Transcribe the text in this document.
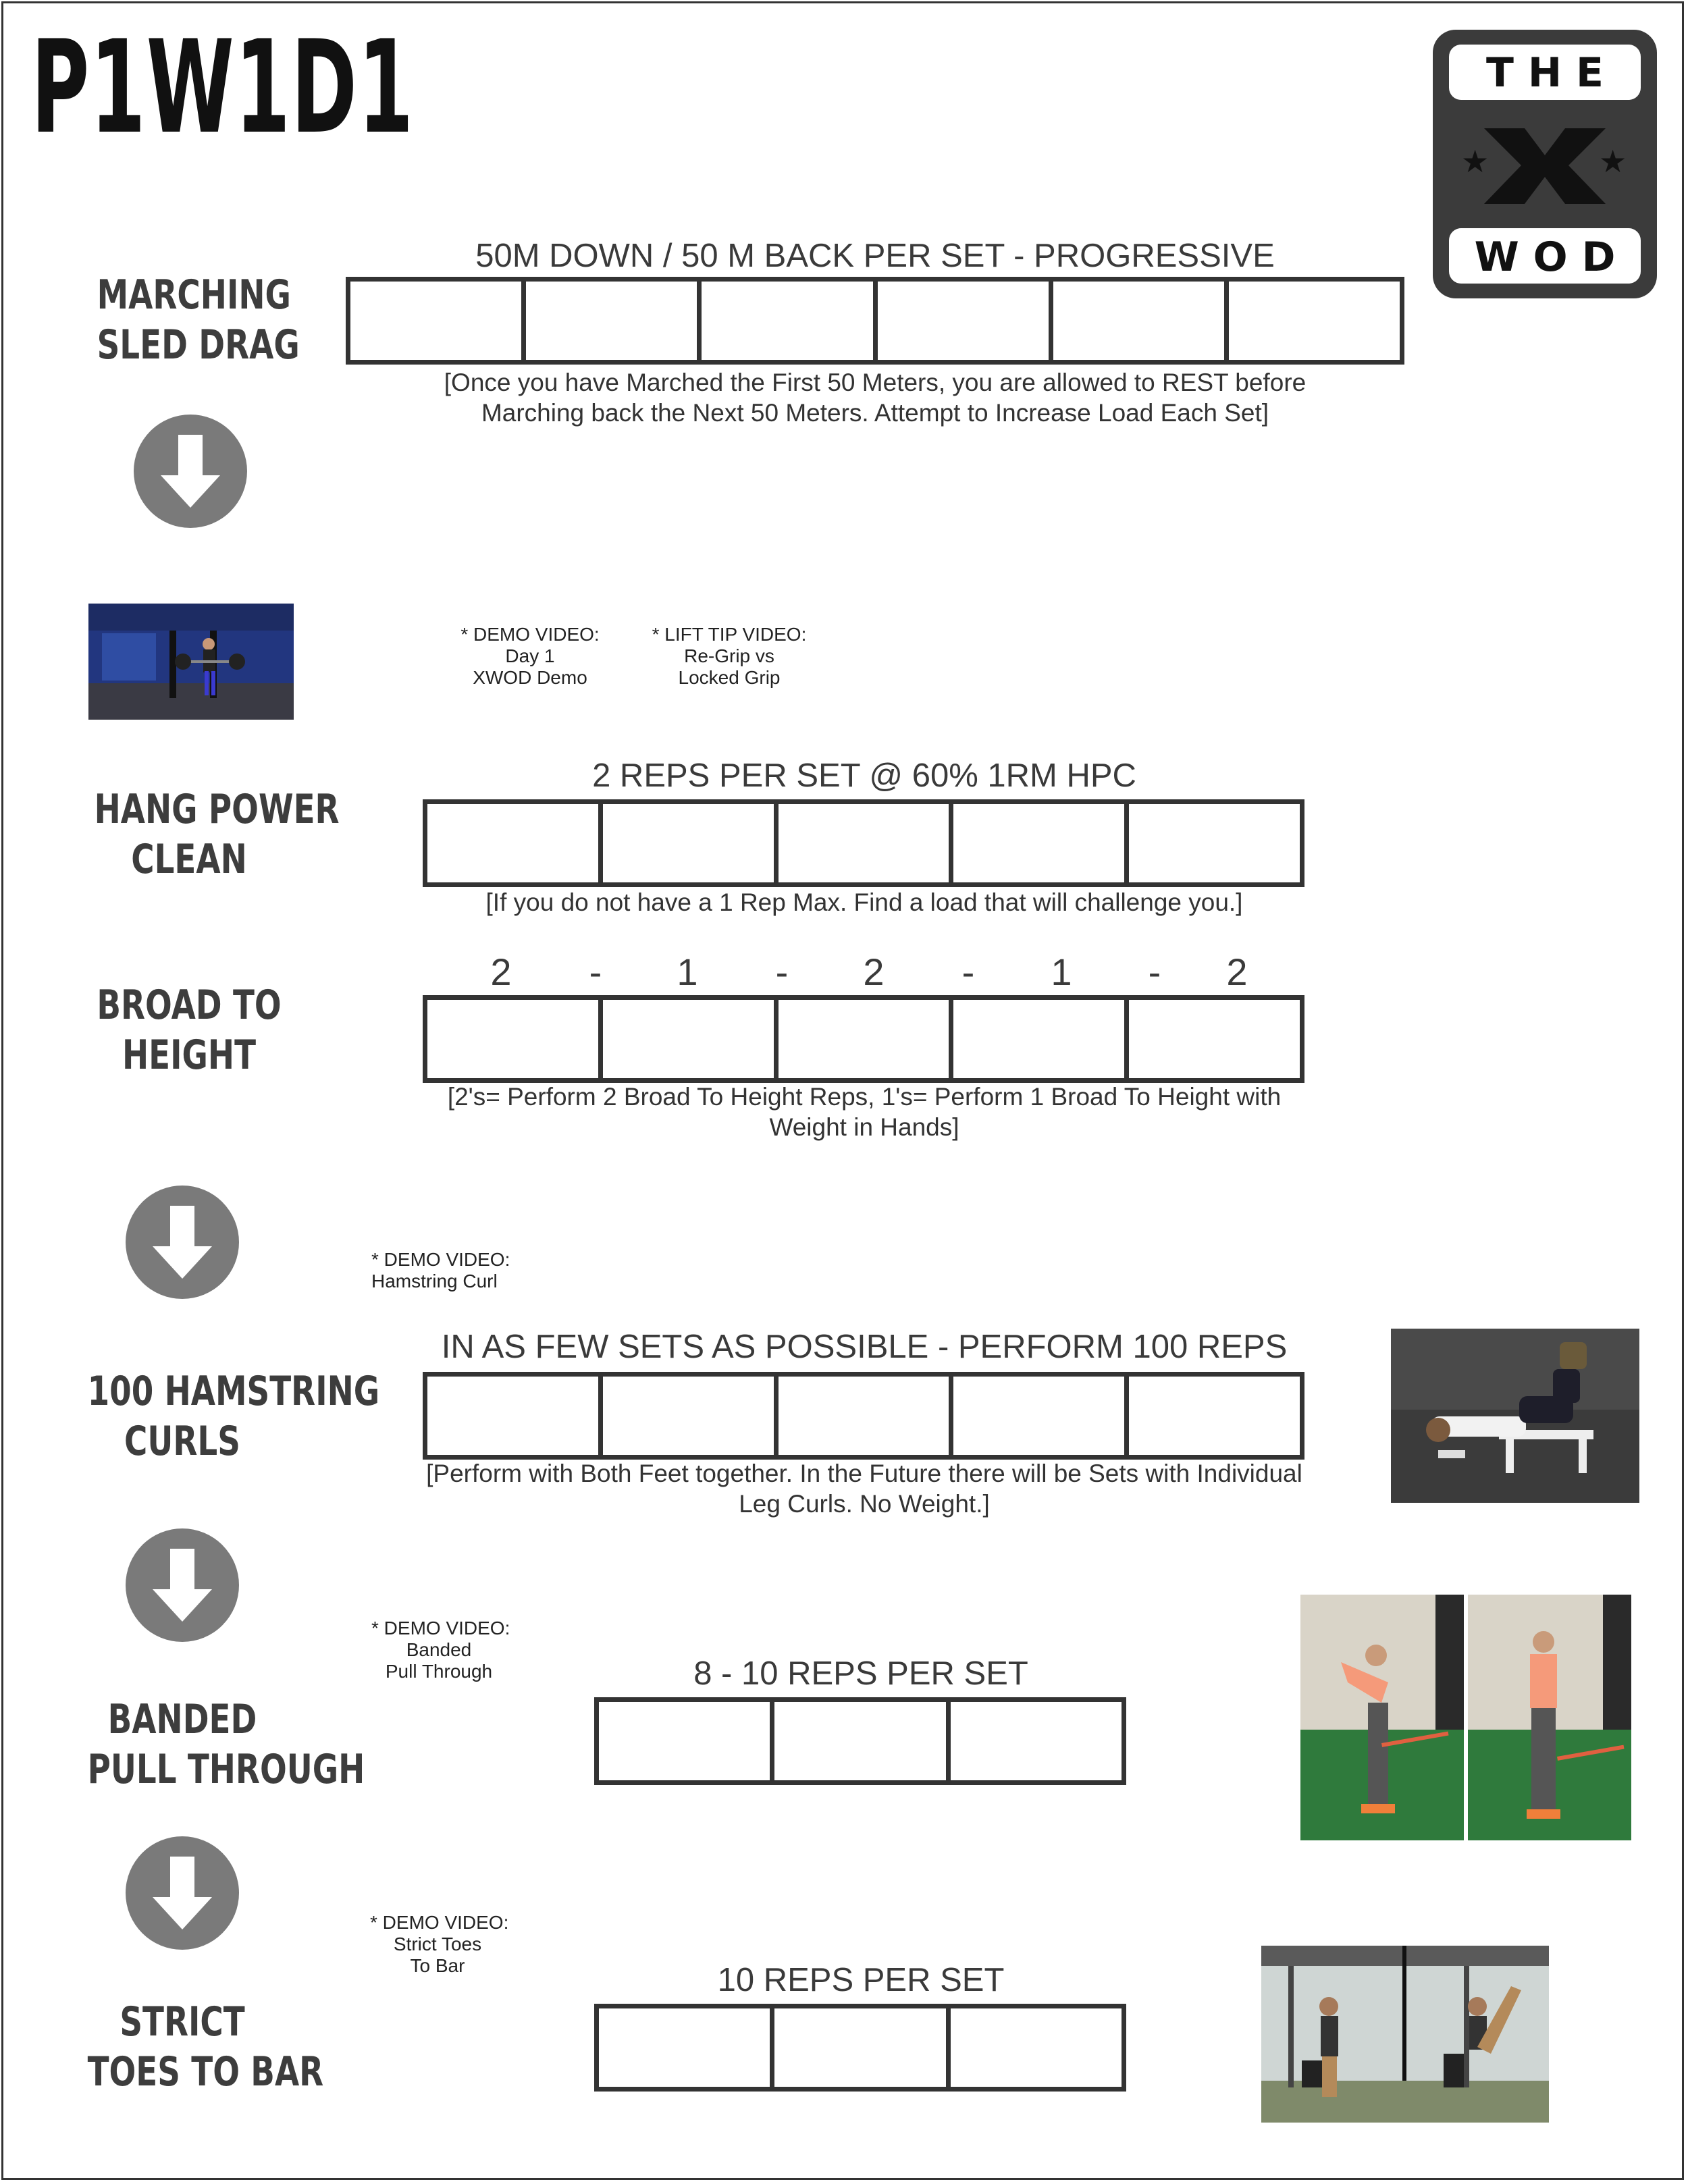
P1W1D1	★	★
T H E
W O D
MARCHING
SLED DRAG
HANG POWER
CLEAN
BROAD TO
HEIGHT
100 HAMSTRING
CURLS
BANDED
PULL THROUGH
STRICT
TOES TO BAR
50M DOWN / 50 M BACK PER SET - PROGRESSIVE
[Once you have Marched the First 50 Meters, you are allowed to REST before
Marching back the Next 50 Meters. Attempt to Increase Load Each Set]
* DEMO VIDEO:
Day 1
XWOD Demo
* LIFT TIP VIDEO:
Re-Grip vs
Locked Grip
2 REPS PER SET @ 60% 1RM HPC
[If you do not have a 1 Rep Max. Find a load that will challenge you.]
2	-	1	-	2	-	1	-	2
[2's= Perform 2 Broad To Height Reps, 1's= Perform 1 Broad To Height with
Weight in Hands]
* DEMO VIDEO:
Hamstring Curl
IN AS FEW SETS AS POSSIBLE - PERFORM 100 REPS
[Perform with Both Feet together. In the Future there will be Sets with Individual
Leg Curls. No Weight.]
* DEMO VIDEO:
Banded
Pull Through	8 - 10 REPS PER SET
* DEMO VIDEO:
Strict Toes
To Bar	10 REPS PER SET
